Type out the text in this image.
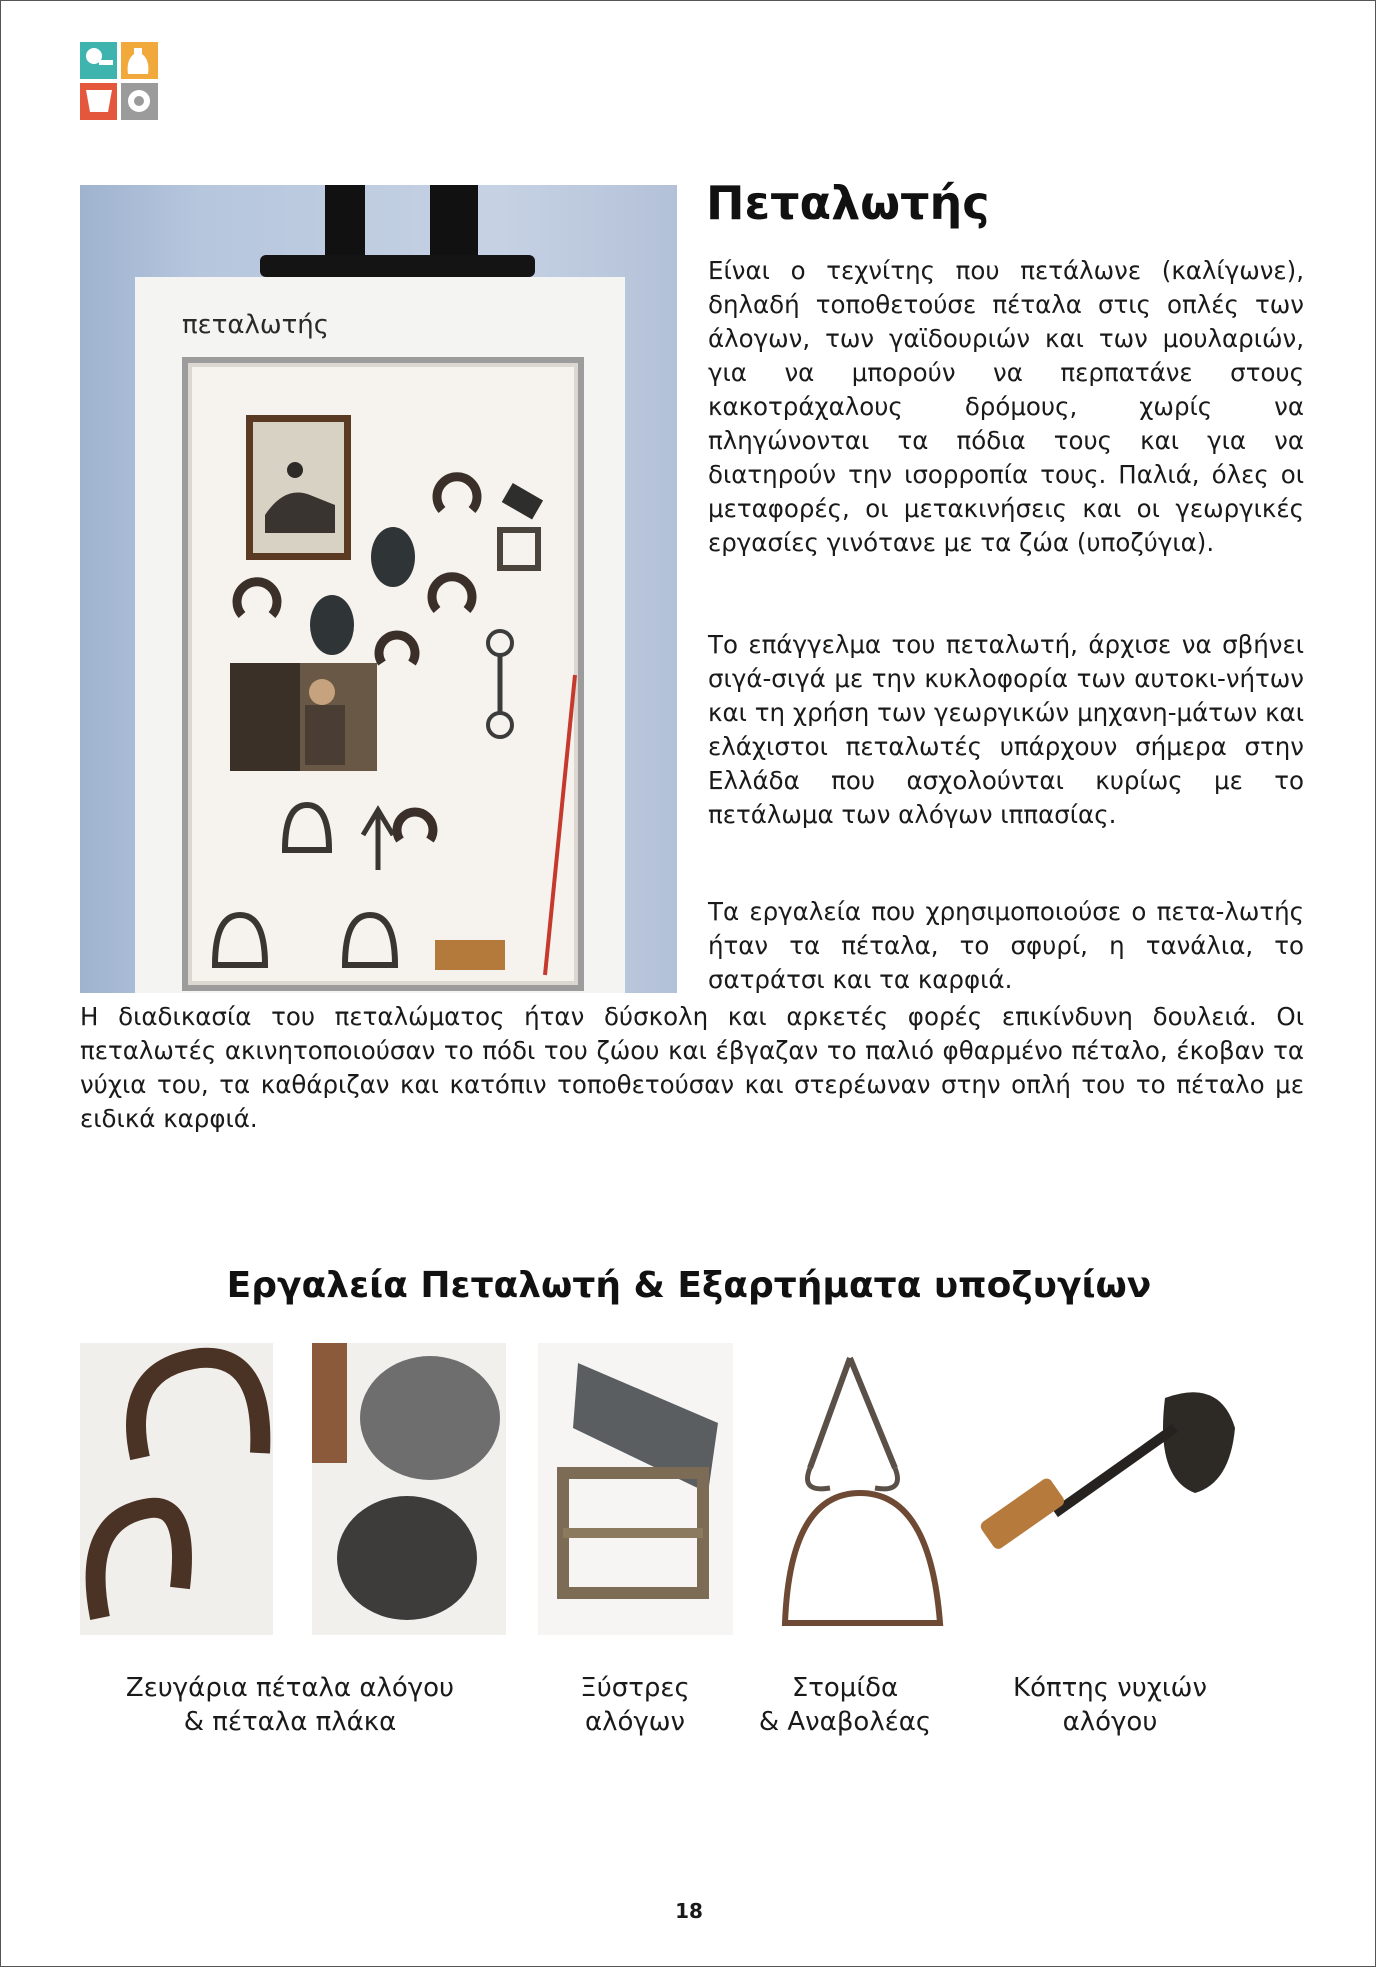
πεταλωτής
Πεταλωτής

Είναι ο τεχνίτης που πετάλωνε (καλίγωνε), δηλαδή τοποθετούσε πέταλα στις οπλές των άλογων, των γαϊδουριών και των μουλαριών, για να μπορούν να περπατάνε στους κακοτράχαλους δρόμους, χωρίς να πληγώνονται τα πόδια τους και για να διατηρούν την ισορροπία τους. Παλιά, όλες οι μεταφορές, οι μετακινήσεις και οι γεωργικές εργασίες γινότανε με τα ζώα (υποζύγια).

Το επάγγελμα του πεταλωτή, άρχισε να σβήνει σιγά-σιγά με την κυκλοφορία των αυτοκι-νήτων και τη χρήση των γεωργικών μηχανη-μάτων και ελάχιστοι πεταλωτές υπάρχουν σήμερα στην Ελλάδα που ασχολούνται κυρίως με το πετάλωμα των αλόγων ιππασίας.

Τα εργαλεία που χρησιμοποιούσε ο πετα-λωτής ήταν τα πέταλα, το σφυρί, η τανάλια, το σατράτσι και τα καρφιά.

Η διαδικασία του πεταλώματος ήταν δύσκολη και αρκετές φορές επικίνδυνη δουλειά. Οι πεταλωτές ακινητοποιούσαν το πόδι του ζώου και έβγαζαν το παλιό φθαρμένο πέταλο, έκοβαν τα νύχια του, τα καθάριζαν και κατόπιν τοποθετούσαν και στερέωναν στην οπλή του το πέταλο με ειδικά καρφιά.

Εργαλεία Πεταλωτή & Εξαρτήματα υποζυγίων
Ζευγάρια πέταλα αλόγου
& πέταλα πλάκα
Ξύστρες
αλόγων
Στομίδα
& Αναβολέας
Κόπτης νυχιών
αλόγου
18
